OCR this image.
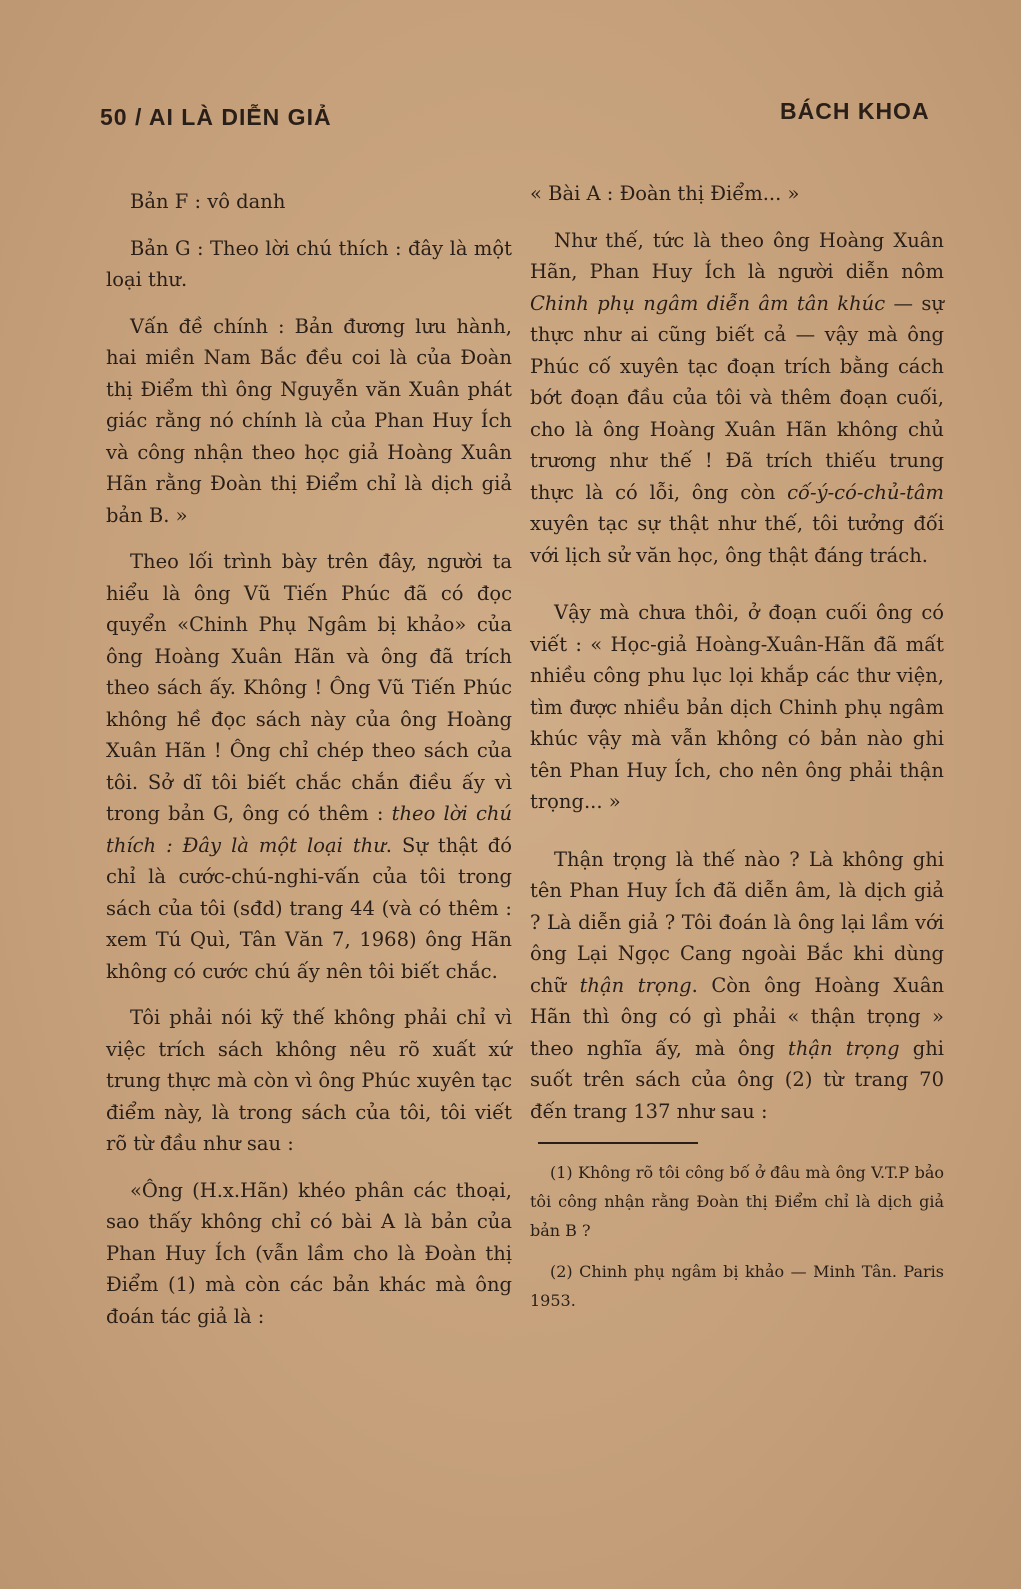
50 / AI LÀ DIỄN GIẢ	BÁCH KHOA

Bản F : vô danh

Bản G : Theo lời chú thích : đây là một loại thư.

Vấn đề chính : Bản đương lưu hành, hai miền Nam Bắc đều coi là của Đoàn thị Điểm thì ông Nguyễn văn Xuân phát giác rằng nó chính là của Phan Huy Ích và công nhận theo học giả Hoàng Xuân Hãn rằng Đoàn thị Điểm chỉ là dịch giả bản B. »

Theo lối trình bày trên đây, người ta hiểu là ông Vũ Tiến Phúc đã có đọc quyển «Chinh Phụ Ngâm bị khảo» của ông Hoàng Xuân Hãn và ông đã trích theo sách ấy. Không ! Ông Vũ Tiến Phúc không hề đọc sách này của ông Hoàng Xuân Hãn ! Ông chỉ chép theo sách của tôi. Sở dĩ tôi biết chắc chắn điều ấy vì trong bản G, ông có thêm : theo lời chú thích : Đây là một loại thư. Sự thật đó chỉ là cước-chú-nghi-vấn của tôi trong sách của tôi (sđd) trang 44 (và có thêm : xem Tú Quì, Tân Văn 7, 1968) ông Hãn không có cước chú ấy nên tôi biết chắc.

Tôi phải nói kỹ thế không phải chỉ vì việc trích sách không nêu rõ xuất xứ trung thực mà còn vì ông Phúc xuyên tạc điểm này, là trong sách của tôi, tôi viết rõ từ đầu như sau :

«Ông (H.x.Hãn) khéo phân các thoại, sao thấy không chỉ có bài A là bản của Phan Huy Ích (vẫn lầm cho là Đoàn thị Điểm (1) mà còn các bản khác mà ông đoán tác giả là :

« Bài A : Đoàn thị Điểm... »

Như thế, tức là theo ông Hoàng Xuân Hãn, Phan Huy Ích là người diễn nôm Chinh phụ ngâm diễn âm tân khúc — sự thực như ai cũng biết cả — vậy mà ông Phúc cố xuyên tạc đoạn trích bằng cách bớt đoạn đầu của tôi và thêm đoạn cuối, cho là ông Hoàng Xuân Hãn không chủ trương như thế ! Đã trích thiếu trung thực là có lỗi, ông còn cố-ý-có-chủ-tâm xuyên tạc sự thật như thế, tôi tưởng đối với lịch sử văn học, ông thật đáng trách.

Vậy mà chưa thôi, ở đoạn cuối ông có viết : « Học-giả Hoàng-Xuân-Hãn đã mất nhiều công phu lục lọi khắp các thư viện, tìm được nhiều bản dịch Chinh phụ ngâm khúc vậy mà vẫn không có bản nào ghi tên Phan Huy Ích, cho nên ông phải thận trọng... »

Thận trọng là thế nào ? Là không ghi tên Phan Huy Ích đã diễn âm, là dịch giả ? Là diễn giả ? Tôi đoán là ông lại lầm với ông Lại Ngọc Cang ngoài Bắc khi dùng chữ thận trọng. Còn ông Hoàng Xuân Hãn thì ông có gì phải « thận trọng » theo nghĩa ấy, mà ông thận trọng ghi suốt trên sách của ông (2) từ trang 70 đến trang 137 như sau :

(1) Không rõ tôi công bố ở đâu mà ông V.T.P bảo tôi công nhận rằng Đoàn thị Điểm chỉ là dịch giả bản B ?

(2) Chinh phụ ngâm bị khảo — Minh Tân. Paris 1953.
